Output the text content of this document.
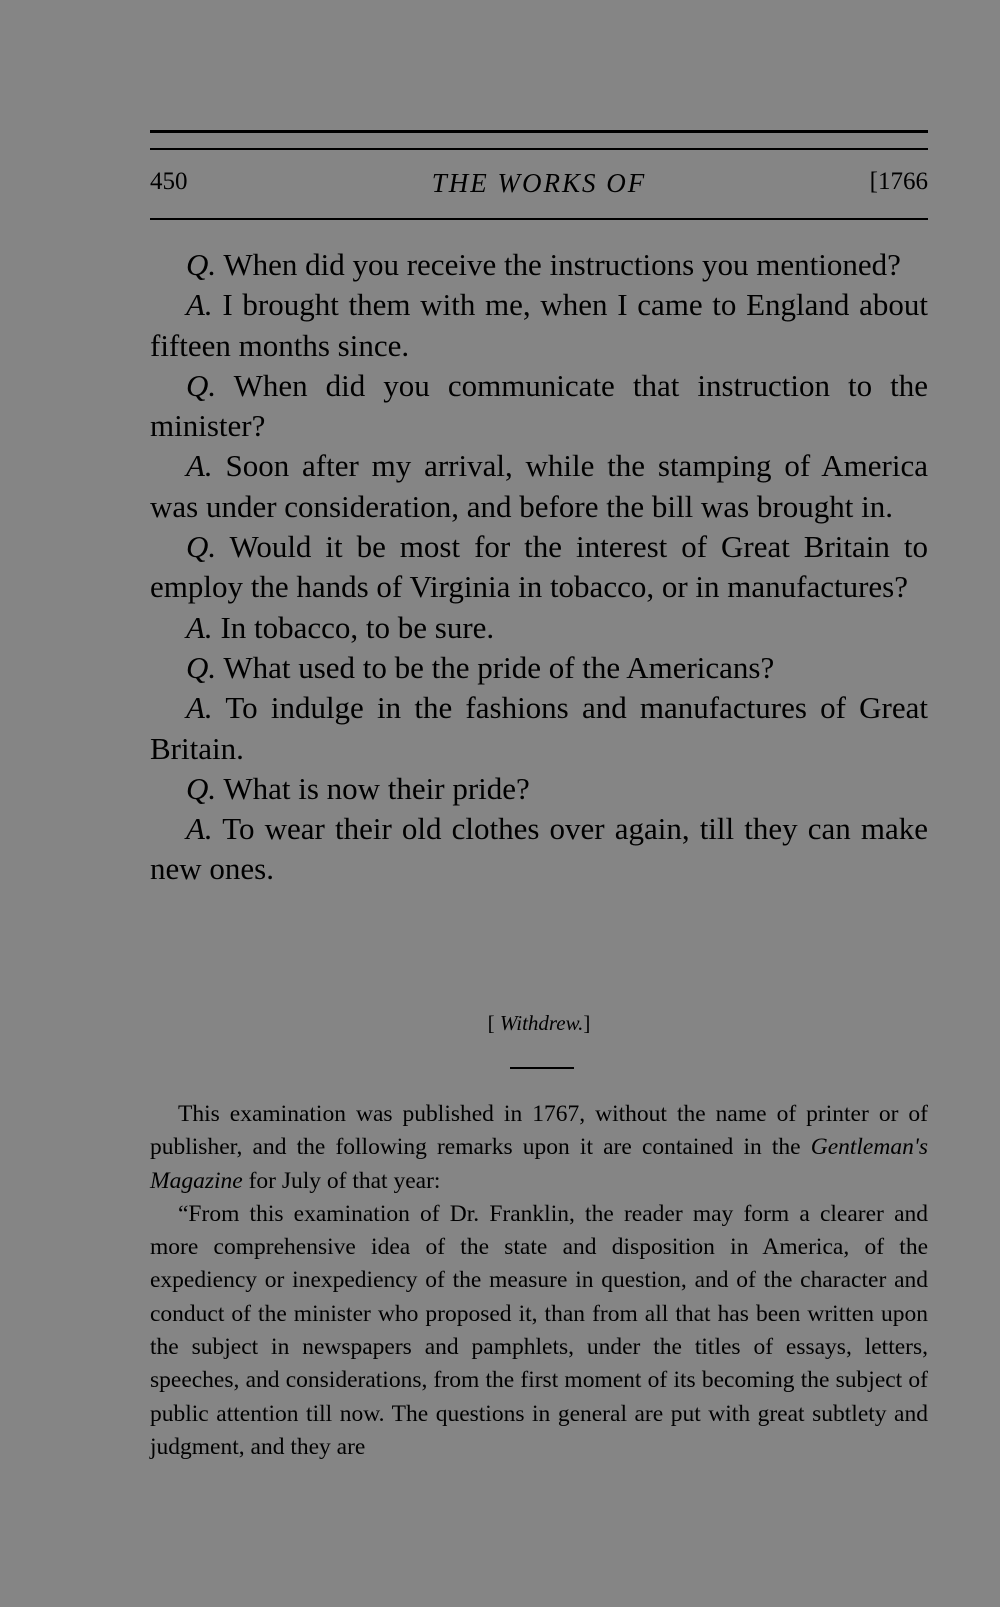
450	THE WORKS OF	[1766

Q. When did you receive the instructions you mentioned?

A. I brought them with me, when I came to England about fifteen months since.

Q. When did you communicate that instruction to the minister?

A. Soon after my arrival, while the stamping of America was under consideration, and before the bill was brought in.

Q. Would it be most for the interest of Great Britain to employ the hands of Virginia in tobacco, or in manufactures?

A. In tobacco, to be sure.

Q. What used to be the pride of the Americans?

A. To indulge in the fashions and manufactures of Great Britain.

Q. What is now their pride?

A. To wear their old clothes over again, till they can make new ones.

[ Withdrew.]

This examination was published in 1767, without the name of printer or of publisher, and the following remarks upon it are contained in the Gentleman's Magazine for July of that year:

“From this examination of Dr. Franklin, the reader may form a clearer and more comprehensive idea of the state and disposition in America, of the expediency or inexpediency of the measure in question, and of the character and conduct of the minister who proposed it, than from all that has been written upon the subject in newspapers and pamphlets, under the titles of essays, letters, speeches, and considerations, from the first moment of its becoming the subject of public attention till now. The questions in general are put with great subtlety and judgment, and they are
